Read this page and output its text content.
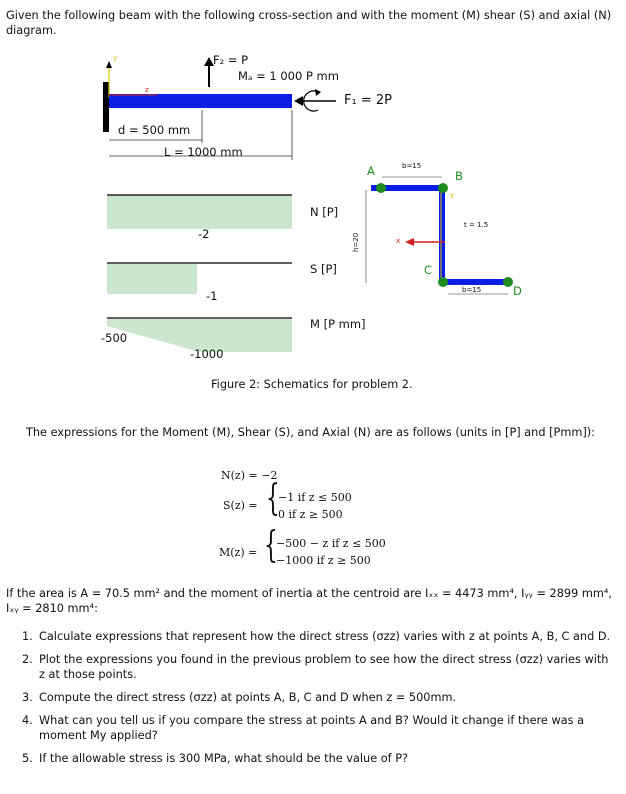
Given the following beam with the following cross-section and with the moment (M) shear (S) and axial (N) diagram.
y
z
F₂ = P
Mₐ = 1 000 P mm
F₁ = 2P
d = 500 mm
L = 1000 mm
-2
N [P]
-1
S [P]
-500
-1000
M [P mm]
A	B
C
D
b=15
b=15
h=20
t = 1.5
x
y
Figure 2: Schematics for problem 2.
The expressions for the Moment (M), Shear (S), and Axial (N) are as follows (units in [P] and [Pmm]):
N(z) = −2
S(z) = {
−1 if z ≤ 500
0 if z ≥ 500
M(z) = {
−500 − z if z ≤ 500
−1000 if z ≥ 500
If the area is A = 70.5 mm² and the moment of inertia at the centroid are Iₓₓ = 4473 mm⁴, Iᵧᵧ = 2899 mm⁴, Iₓᵧ = 2810 mm⁴:
1. Calculate expressions that represent how the direct stress (σzz) varies with z at points A, B, C and D.
2. Plot the expressions you found in the previous problem to see how the direct stress (σzz) varies with z at those points.
3. Compute the direct stress (σzz) at points A, B, C and D when z = 500mm.
4. What can you tell us if you compare the stress at points A and B? Would it change if there was a moment My applied?
5. If the allowable stress is 300 MPa, what should be the value of P?
